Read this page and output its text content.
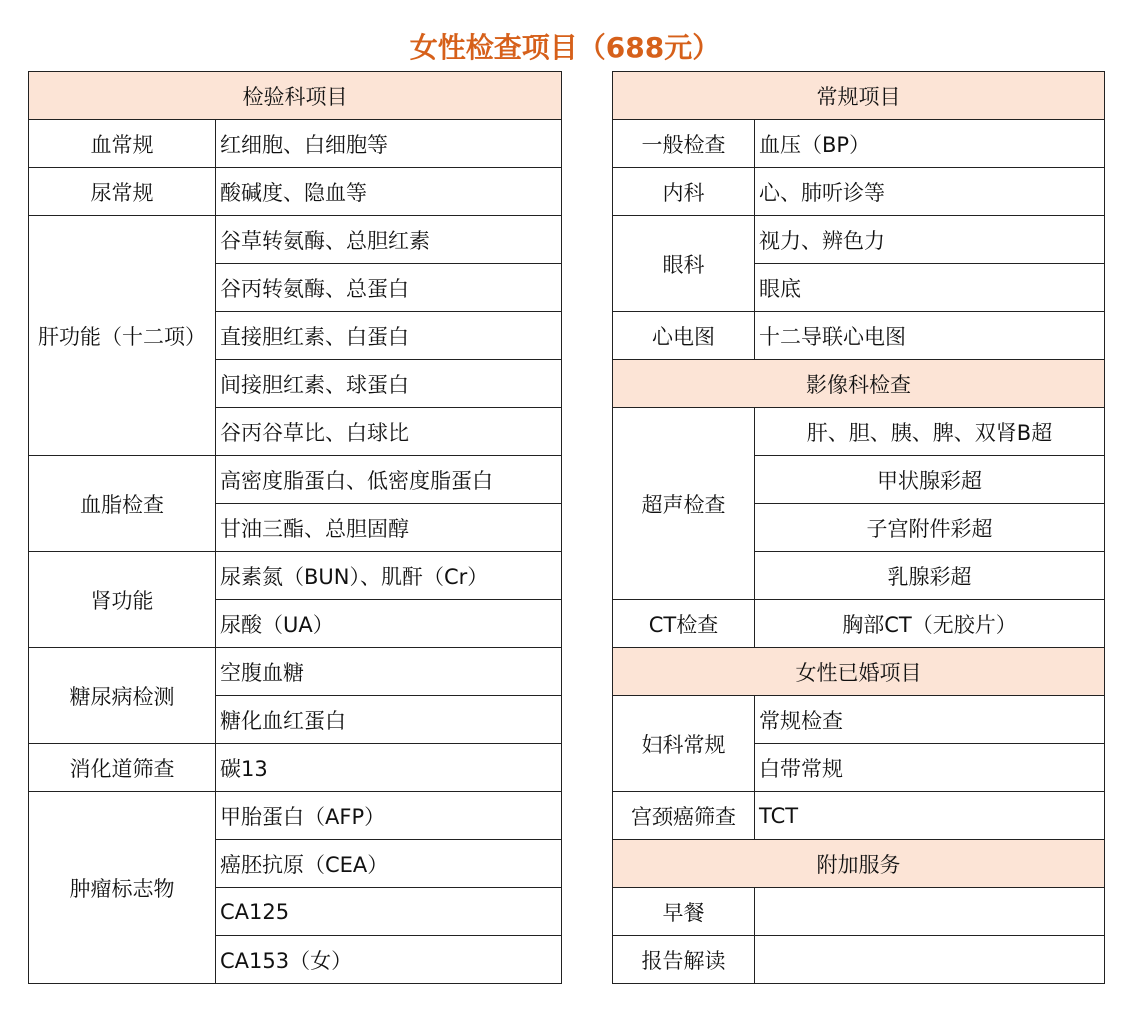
女性检查项目（688元）
检验科项目	
血常规	红细胞、白细胞等
尿常规	酸碱度、隐血等
肝功能（十二项）	谷草转氨酶、总胆红素
	谷丙转氨酶、总蛋白
	直接胆红素、白蛋白
	间接胆红素、球蛋白
	谷丙谷草比、白球比
血脂检查	高密度脂蛋白、低密度脂蛋白
	甘油三酯、总胆固醇
肾功能	尿素氮（BUN）、肌酐（Cr）
	尿酸（UA）
糖尿病检测	空腹血糖
	糖化血红蛋白
消化道筛查	碳13
肿瘤标志物	甲胎蛋白（AFP）
	癌胚抗原（CEA）
	CA125
	CA153（女）
常规项目	
一般检查	血压（BP）
内科	心、肺听诊等
眼科	视力、辨色力
	眼底
心电图	十二导联心电图
影像科检查	
超声检查	肝、胆、胰、脾、双肾B超
	甲状腺彩超
	子宫附件彩超
	乳腺彩超
CT检查	胸部CT（无胶片）
女性已婚项目	
妇科常规	常规检查
	白带常规
宫颈癌筛查	TCT
附加服务	
早餐	
报告解读	
